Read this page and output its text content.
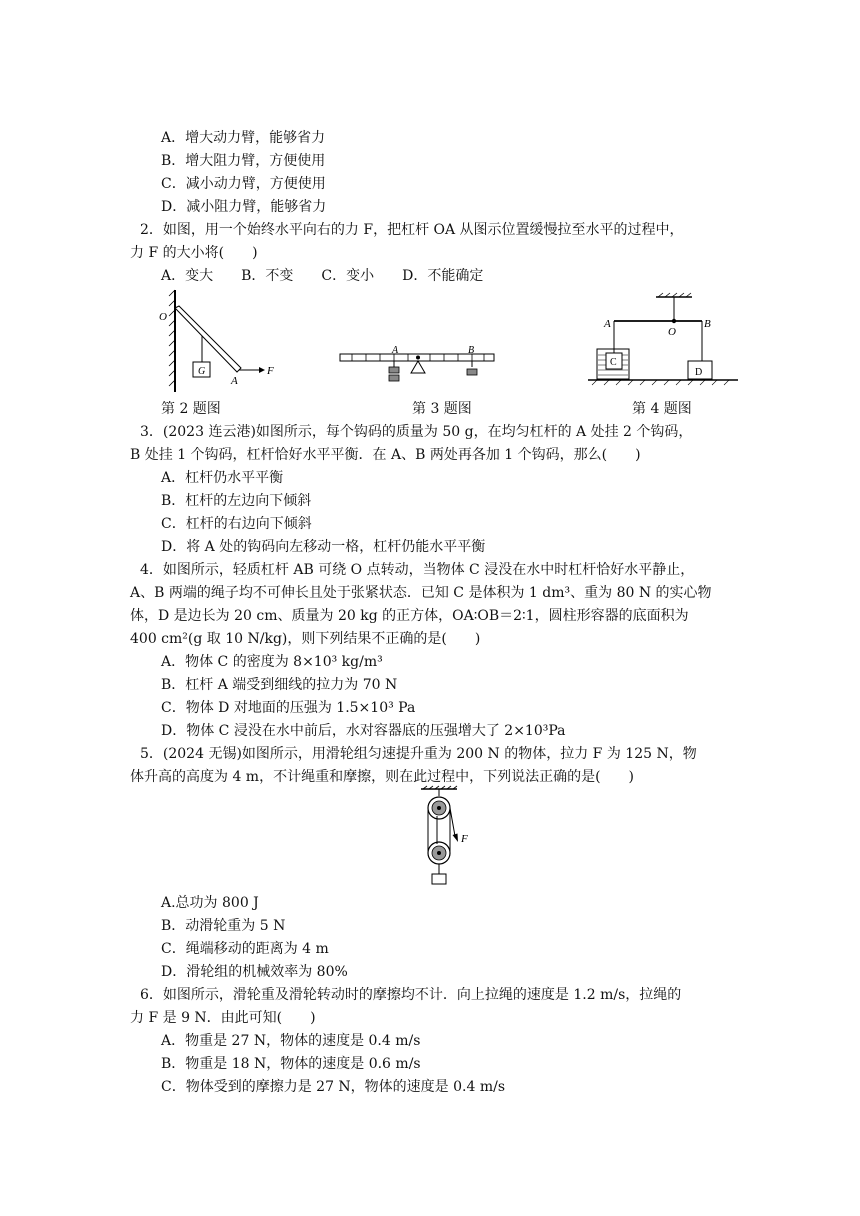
A．增大动力臂，能够省力
B．增大阻力臂，方便使用
C．减小动力臂，方便使用
D．减小阻力臂，能够省力
2．如图，用一个始终水平向右的力 F，把杠杆 OA 从图示位置缓慢拉至水平的过程中，
力 F 的大小将(　　)
A．变大　　B．不变　　C．变小　　D．不能确定
O
G
A
F
A	B
A
O
B
C
D
第 2 题图	第 3 题图	第 4 题图
3．(2023 连云港)如图所示，每个钩码的质量为 50 g，在均匀杠杆的 A 处挂 2 个钩码，
B 处挂 1 个钩码，杠杆恰好水平平衡．在 A、B 两处再各加 1 个钩码，那么(　　)
A．杠杆仍水平平衡
B．杠杆的左边向下倾斜
C．杠杆的右边向下倾斜
D．将 A 处的钩码向左移动一格，杠杆仍能水平平衡
4．如图所示，轻质杠杆 AB 可绕 O 点转动，当物体 C 浸没在水中时杠杆恰好水平静止，
A、B 两端的绳子均不可伸长且处于张紧状态．已知 C 是体积为 1 dm³、重为 80 N 的实心物
体，D 是边长为 20 cm、质量为 20 kg 的正方体，OA∶OB＝2∶1，圆柱形容器的底面积为
400 cm²(g 取 10 N/kg)，则下列结果不正确的是(　　)
A．物体 C 的密度为 8×10³ kg/m³
B．杠杆 A 端受到细线的拉力为 70 N
C．物体 D 对地面的压强为 1.5×10³ Pa
D．物体 C 浸没在水中前后，水对容器底的压强增大了 2×10³Pa
5．(2024 无锡)如图所示，用滑轮组匀速提升重为 200 N 的物体，拉力 F 为 125 N，物
体升高的高度为 4 m，不计绳重和摩擦，则在此过程中，下列说法正确的是(　　)
F
A.总功为 800 J
B．动滑轮重为 5 N
C．绳端移动的距离为 4 m
D．滑轮组的机械效率为 80%
6．如图所示，滑轮重及滑轮转动时的摩擦均不计．向上拉绳的速度是 1.2 m/s，拉绳的
力 F 是 9 N．由此可知(　　)
A．物重是 27 N，物体的速度是 0.4 m/s
B．物重是 18 N，物体的速度是 0.6 m/s
C．物体受到的摩擦力是 27 N，物体的速度是 0.4 m/s
